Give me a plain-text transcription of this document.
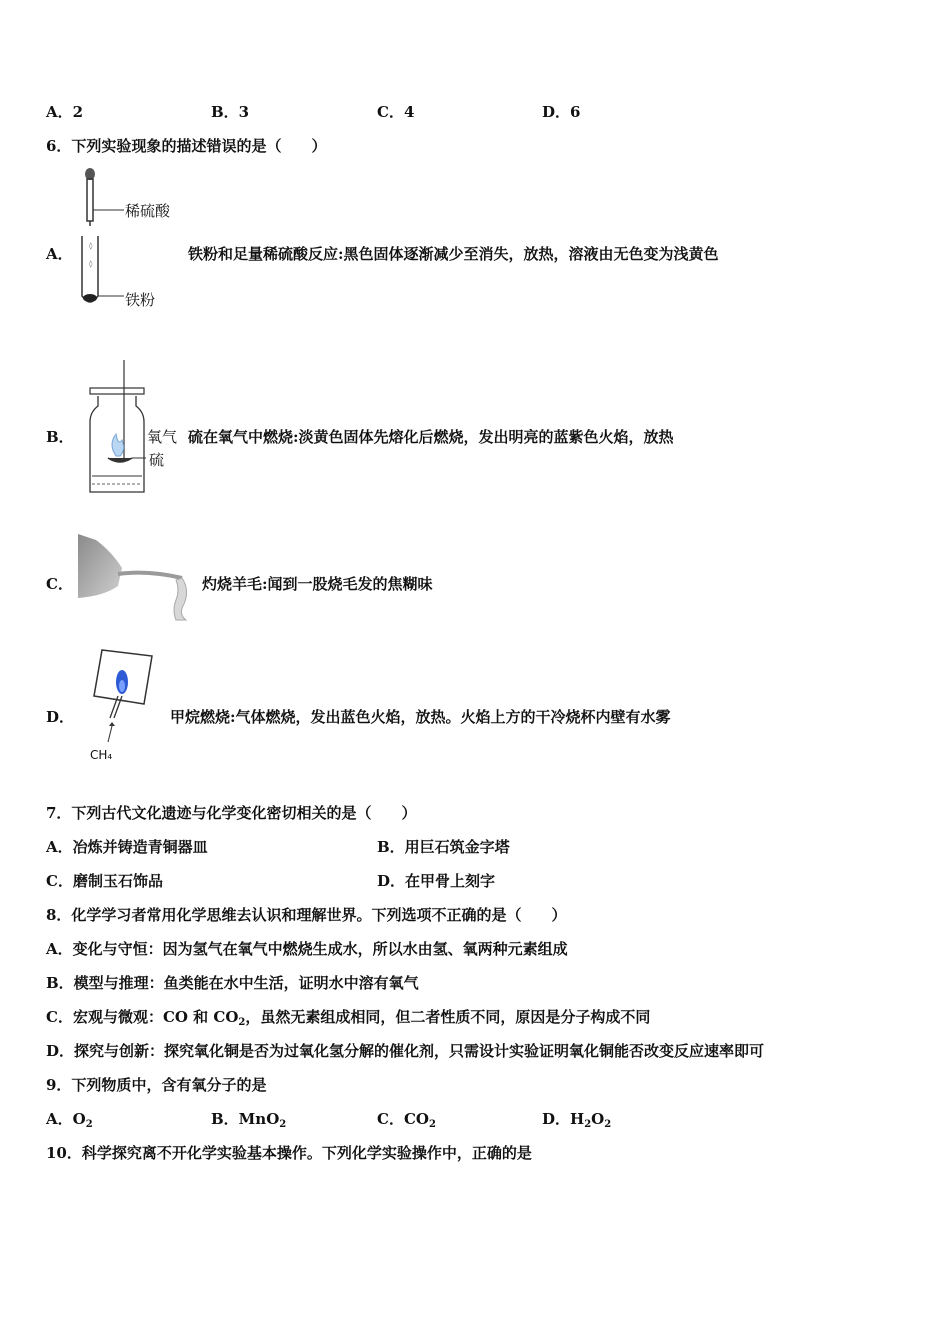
A．2	B．3	C．4	D．6
6．下列实验现象的描述错误的是（　　）
◊
◊
稀硫酸
铁粉
A．	铁粉和足量稀硫酸反应:黑色固体逐渐减少至消失，放热，溶液由无色变为浅黄色
氧气
硫
B．	硫在氧气中燃烧:淡黄色固体先熔化后燃烧，发出明亮的蓝紫色火焰，放热
C．	灼烧羊毛:闻到一股烧毛发的焦糊味
CH₄
D．	甲烷燃烧:气体燃烧，发出蓝色火焰，放热。火焰上方的干冷烧杯内壁有水雾
7．下列古代文化遗迹与化学变化密切相关的是（　　）
A．冶炼并铸造青铜器皿	B．用巨石筑金字塔
C．磨制玉石饰品	D．在甲骨上刻字
8．化学学习者常用化学思维去认识和理解世界。下列选项不正确的是（　　）
A．变化与守恒：因为氢气在氧气中燃烧生成水，所以水由氢、氧两种元素组成
B．模型与推理：鱼类能在水中生活，证明水中溶有氧气
C．宏观与微观：CO 和 $CO_2$，虽然无素组成相同，但二者性质不同，原因是分子构成不同
D．探究与创新：探究氧化铜是否为过氧化氢分解的催化剂，只需设计实验证明氧化铜能否改变反应速率即可
9．下列物质中，含有氧分子的是
A．$O_2$	B．MnO$_2$	C．$CO_2$	D．$H_2O_2$
10．科学探究离不开化学实验基本操作。下列化学实验操作中，正确的是
